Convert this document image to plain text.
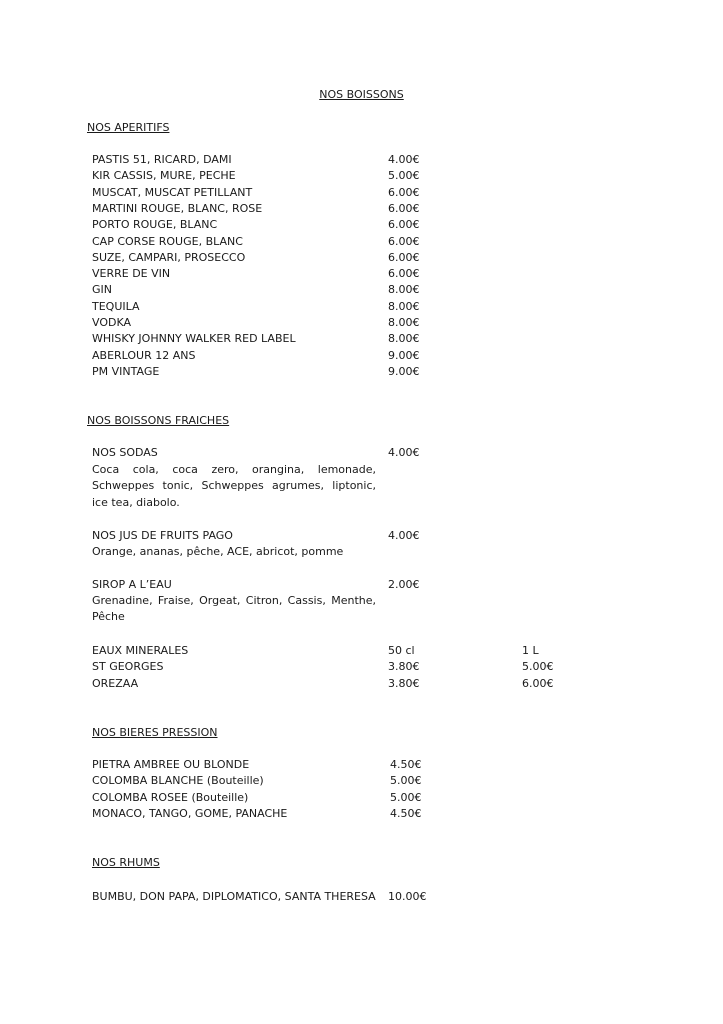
NOS BOISSONS
NOS APERITIFS
PASTIS 51, RICARD, DAMI	4.00€
KIR CASSIS, MURE, PECHE	5.00€
MUSCAT, MUSCAT PETILLANT	6.00€
MARTINI ROUGE, BLANC, ROSE	6.00€
PORTO ROUGE, BLANC	6.00€
CAP CORSE ROUGE, BLANC	6.00€
SUZE, CAMPARI, PROSECCO	6.00€
VERRE DE VIN	6.00€
GIN	8.00€
TEQUILA	8.00€
VODKA	8.00€
WHISKY JOHNNY WALKER RED LABEL	8.00€
ABERLOUR 12 ANS	9.00€
PM VINTAGE	9.00€
NOS BOISSONS FRAICHES
NOS SODAS	4.00€
Coca cola, coca zero, orangina, lemonade, Schweppes tonic, Schweppes agrumes, liptonic, ice tea, diabolo.
NOS JUS DE FRUITS PAGO	4.00€
Orange, ananas, pêche, ACE, abricot, pomme
SIROP A L’EAU	2.00€
Grenadine, Fraise, Orgeat, Citron, Cassis, Menthe, Pêche
EAUX MINERALES	50 cl	1 L
ST GEORGES	3.80€	5.00€
OREZAA	3.80€	6.00€
NOS BIERES PRESSION
PIETRA AMBREE OU BLONDE	4.50€
COLOMBA BLANCHE (Bouteille)	5.00€
COLOMBA ROSEE (Bouteille)	5.00€
MONACO, TANGO, GOME, PANACHE	4.50€
NOS RHUMS
BUMBU, DON PAPA, DIPLOMATICO, SANTA THERESA 10.00€
